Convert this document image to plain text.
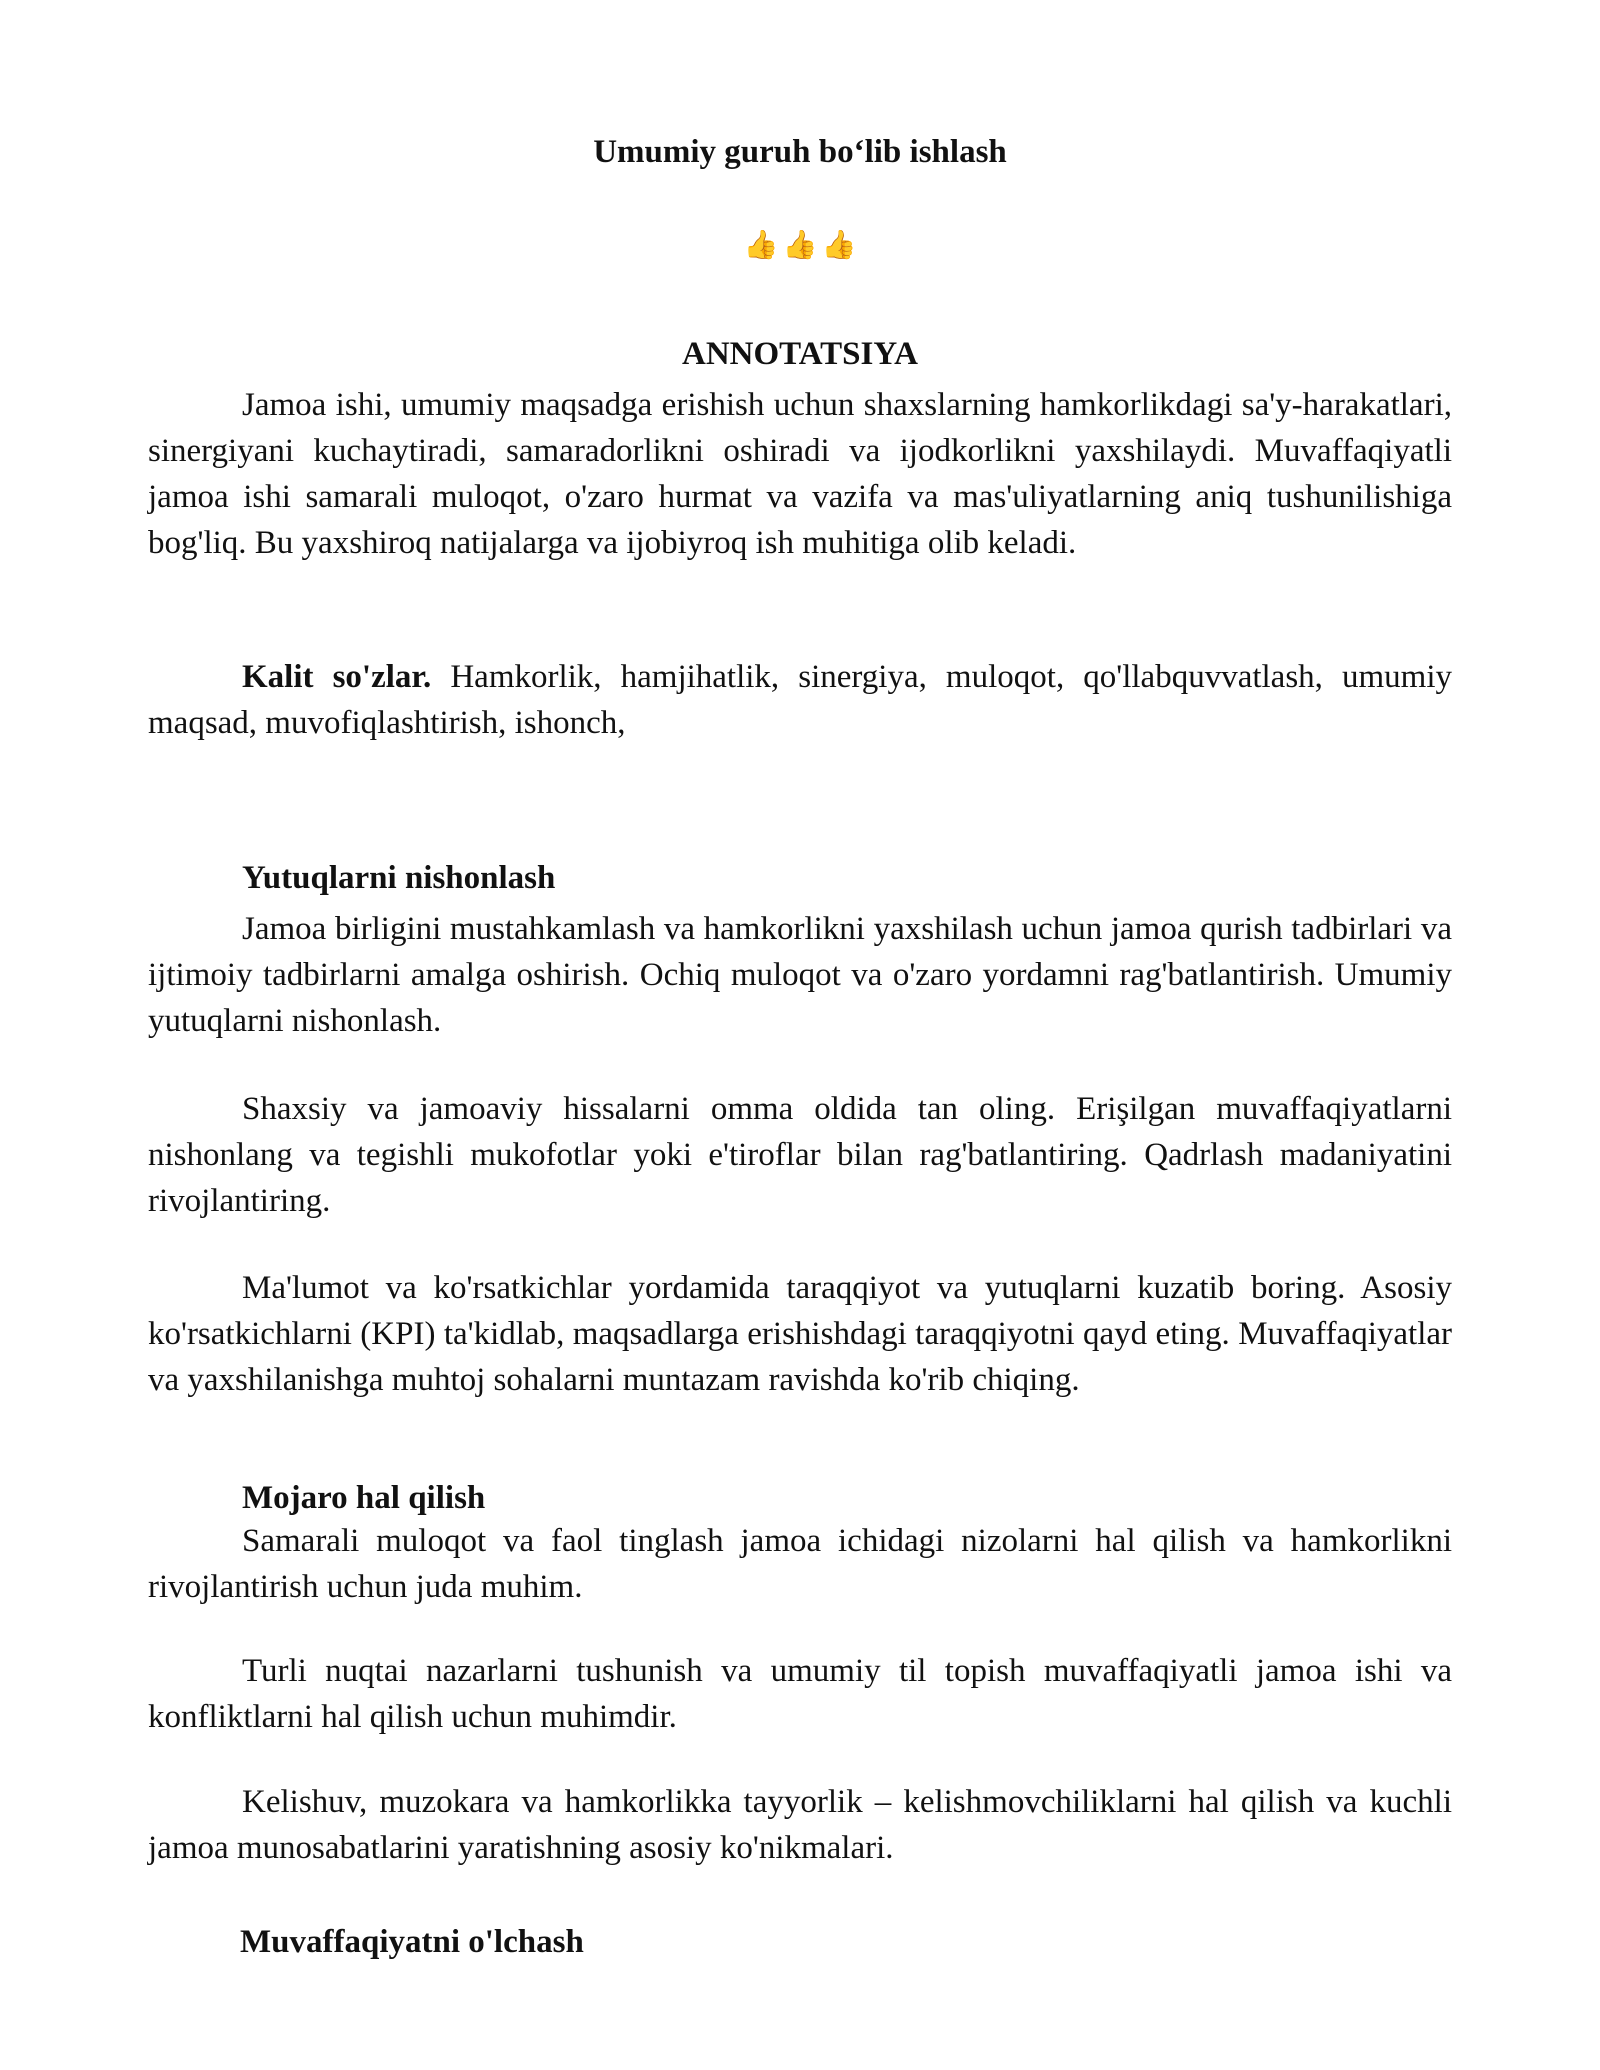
Umumiy guruh bo‘lib ishlash
👍 👍 👍
ANNOTATSIYA

Jamoa ishi, umumiy maqsadga erishish uchun shaxslarning hamkorlikdagi sa'y-harakatlari, sinergiyani kuchaytiradi, samaradorlikni oshiradi va ijodkorlikni yaxshilaydi. Muvaffaqiyatli jamoa ishi samarali muloqot, o'zaro hurmat va vazifa va mas'uliyatlarning aniq tushunilishiga bog'liq. Bu yaxshiroq natijalarga va ijobiyroq ish muhitiga olib keladi.

Kalit so'zlar. Hamkorlik, hamjihatlik, sinergiya, muloqot, qo'llabquvvatlash, umumiy maqsad, muvofiqlashtirish, ishonch,

Yutuqlarni nishonlash

Jamoa birligini mustahkamlash va hamkorlikni yaxshilash uchun jamoa qurish tadbirlari va ijtimoiy tadbirlarni amalga oshirish. Ochiq muloqot va o'zaro yordamni rag'batlantirish. Umumiy yutuqlarni nishonlash.

Shaxsiy va jamoaviy hissalarni omma oldida tan oling. Erişilgan muvaffaqiyatlarni nishonlang va tegishli mukofotlar yoki e'tiroflar bilan rag'batlantiring. Qadrlash madaniyatini rivojlantiring.

Ma'lumot va ko'rsatkichlar yordamida taraqqiyot va yutuqlarni kuzatib boring. Asosiy ko'rsatkichlarni (KPI) ta'kidlab, maqsadlarga erishishdagi taraqqiyotni qayd eting. Muvaffaqiyatlar va yaxshilanishga muhtoj sohalarni muntazam ravishda ko'rib chiqing.

Mojaro hal qilish

Samarali muloqot va faol tinglash jamoa ichidagi nizolarni hal qilish va hamkorlikni rivojlantirish uchun juda muhim.

Turli nuqtai nazarlarni tushunish va umumiy til topish muvaffaqiyatli jamoa ishi va konfliktlarni hal qilish uchun muhimdir.

Kelishuv, muzokara va hamkorlikka tayyorlik – kelishmovchiliklarni hal qilish va kuchli jamoa munosabatlarini yaratishning asosiy ko'nikmalari.

Muvaffaqiyatni o'lchash
